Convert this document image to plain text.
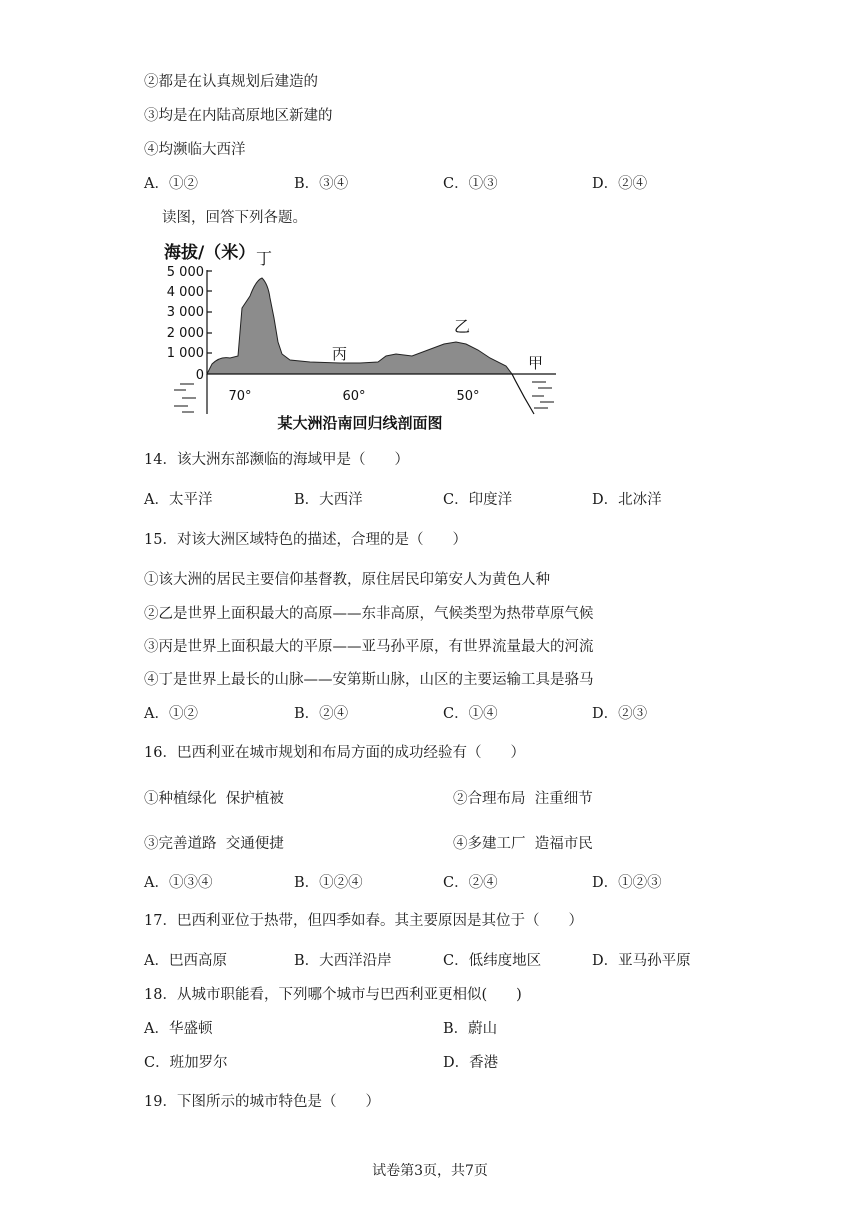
②都是在认真规划后建造的
③均是在内陆高原地区新建的
④均濒临大西洋
A．①②	B．③④	C．①③	D．②④
读图，回答下列各题。
海拔/（米） 丁
5 000
4 000
3 000
2 000
1 000
0
丙
乙
甲
70°	60°	50°
某大洲沿南回归线剖面图
14．该大洲东部濒临的海域甲是（　　）
A．太平洋	B．大西洋	C．印度洋	D．北冰洋
15．对该大洲区域特色的描述，合理的是（　　）
①该大洲的居民主要信仰基督教，原住居民印第安人为黄色人种
②乙是世界上面积最大的高原——东非高原，气候类型为热带草原气候
③丙是世界上面积最大的平原——亚马孙平原，有世界流量最大的河流
④丁是世界上最长的山脉——安第斯山脉，山区的主要运输工具是骆马
A．①②	B．②④	C．①④	D．②③
16．巴西利亚在城市规划和布局方面的成功经验有（　　）
①种植绿化  保护植被	②合理布局  注重细节
③完善道路  交通便捷	④多建工厂  造福市民
A．①③④	B．①②④	C．②④	D．①②③
17．巴西利亚位于热带，但四季如春。其主要原因是其位于（　　）
A．巴西高原	B．大西洋沿岸	C．低纬度地区	D．亚马孙平原
18．从城市职能看，下列哪个城市与巴西利亚更相似(　　)
A．华盛顿	B．蔚山
C．班加罗尔	D．香港
19．下图所示的城市特色是（　　）
试卷第3页，共7页
